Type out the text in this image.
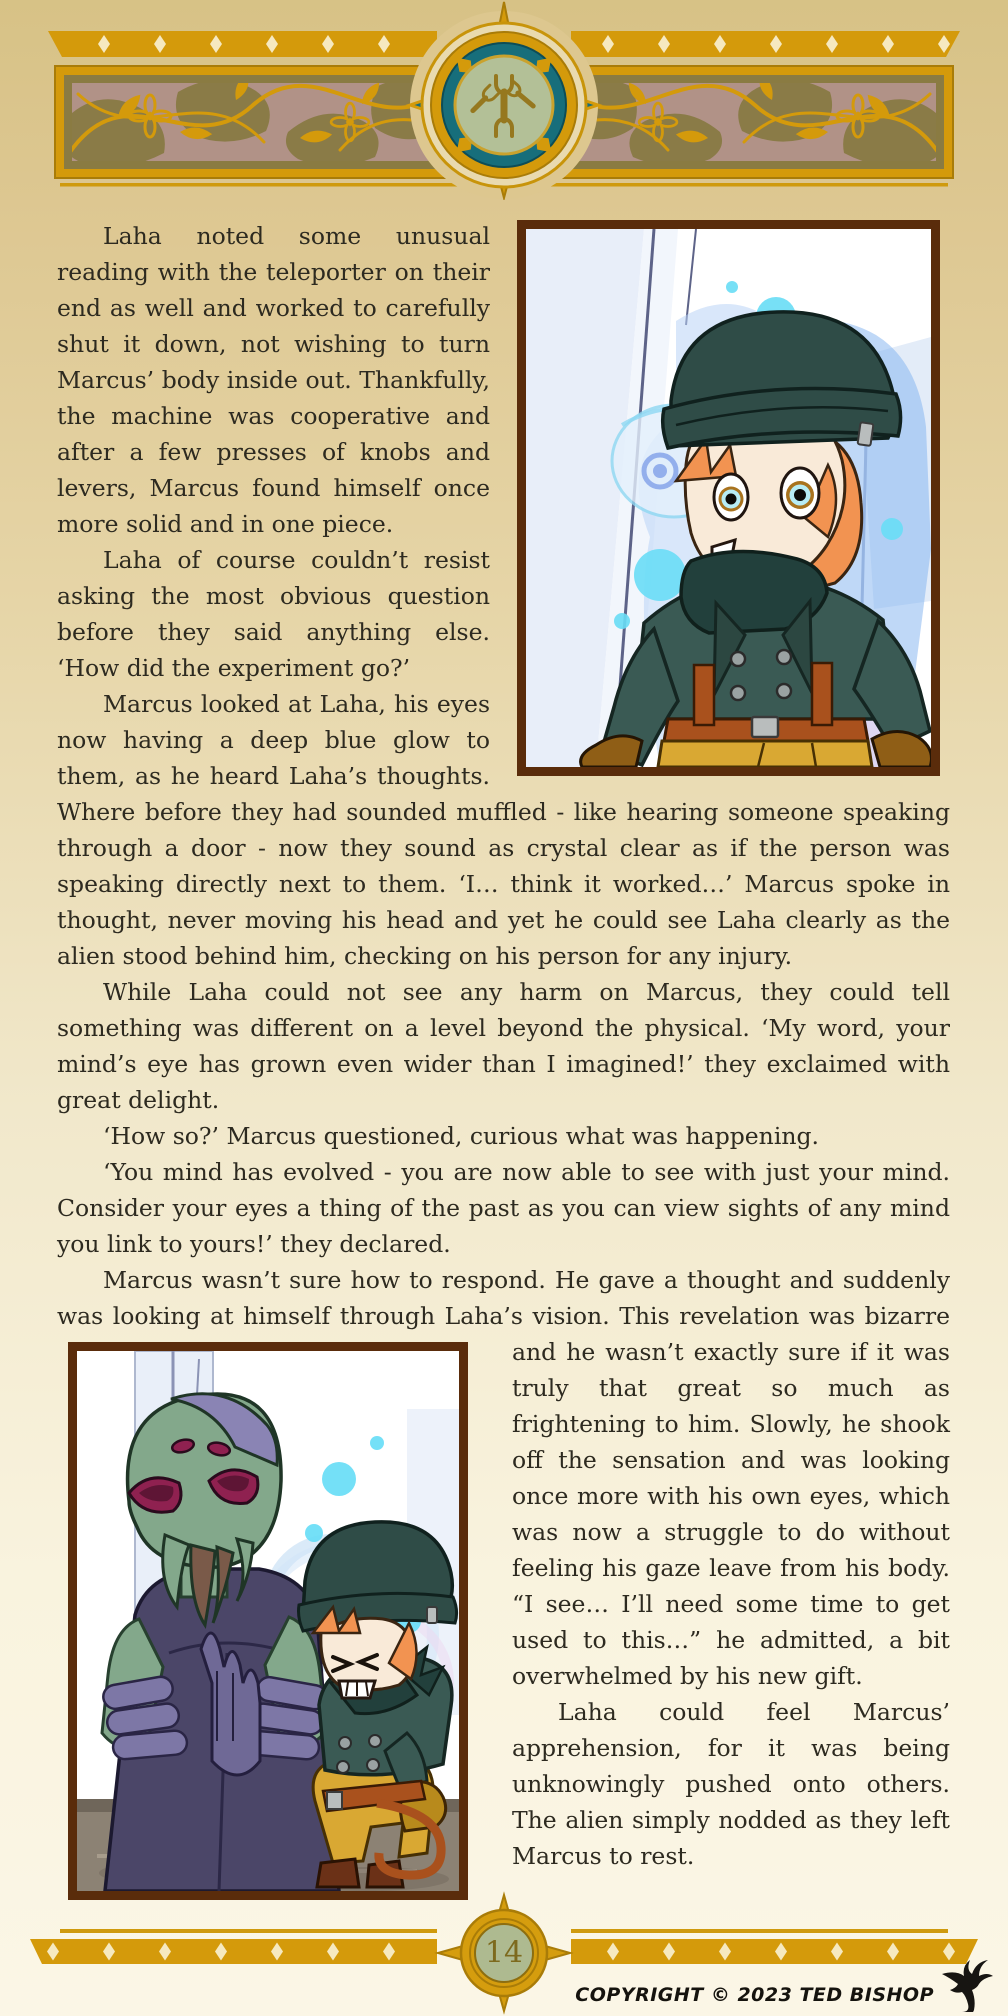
Laha noted some unusual reading with the teleporter on their end as well and worked to carefully shut it down, not wishing to turn Marcus’ body inside out. Thankfully, the machine was cooperative and after a few presses of knobs and levers, Marcus found himself once more solid and in one piece.

Laha of course couldn’t resist asking the most obvious question before they said anything else. ‘How did the experiment go?’

Marcus looked at Laha, his eyes now having a deep blue glow to them, as he heard Laha’s thoughts. Where before they had sounded muffled - like hearing someone speaking through a door - now they sound as crystal clear as if the person was speaking directly next to them. ‘I… think it worked…’ Marcus spoke in thought, never moving his head and yet he could see Laha clearly as the alien stood behind him, checking on his person for any injury.

While Laha could not see any harm on Marcus, they could tell something was different on a level beyond the physical. ‘My word, your mind’s eye has grown even wider than I imagined!’ they exclaimed with great delight.

‘How so?’ Marcus questioned, curious what was happening.

‘You mind has evolved - you are now able to see with just your mind. Consider your eyes a thing of the past as you can view sights of any mind you link to yours!’ they declared.

Marcus wasn’t sure how to respond. He gave a thought and suddenly was looking at himself through Laha’s vision. This revelation was bizarre and he wasn’t exactly sure if it was truly that great so much as frightening to him. Slowly, he shook off the sensation and was looking once more with his own eyes, which was now a struggle to do without feeling his gaze leave from his body. “I see… I’ll need some time to get used to this…” he admitted, a bit overwhelmed by his new gift.

Laha could feel Marcus’ apprehension, for it was being unknowingly pushed onto others. The alien simply nodded as they left Marcus to rest.

14
COPYRIGHT © 2023 TED BISHOP
